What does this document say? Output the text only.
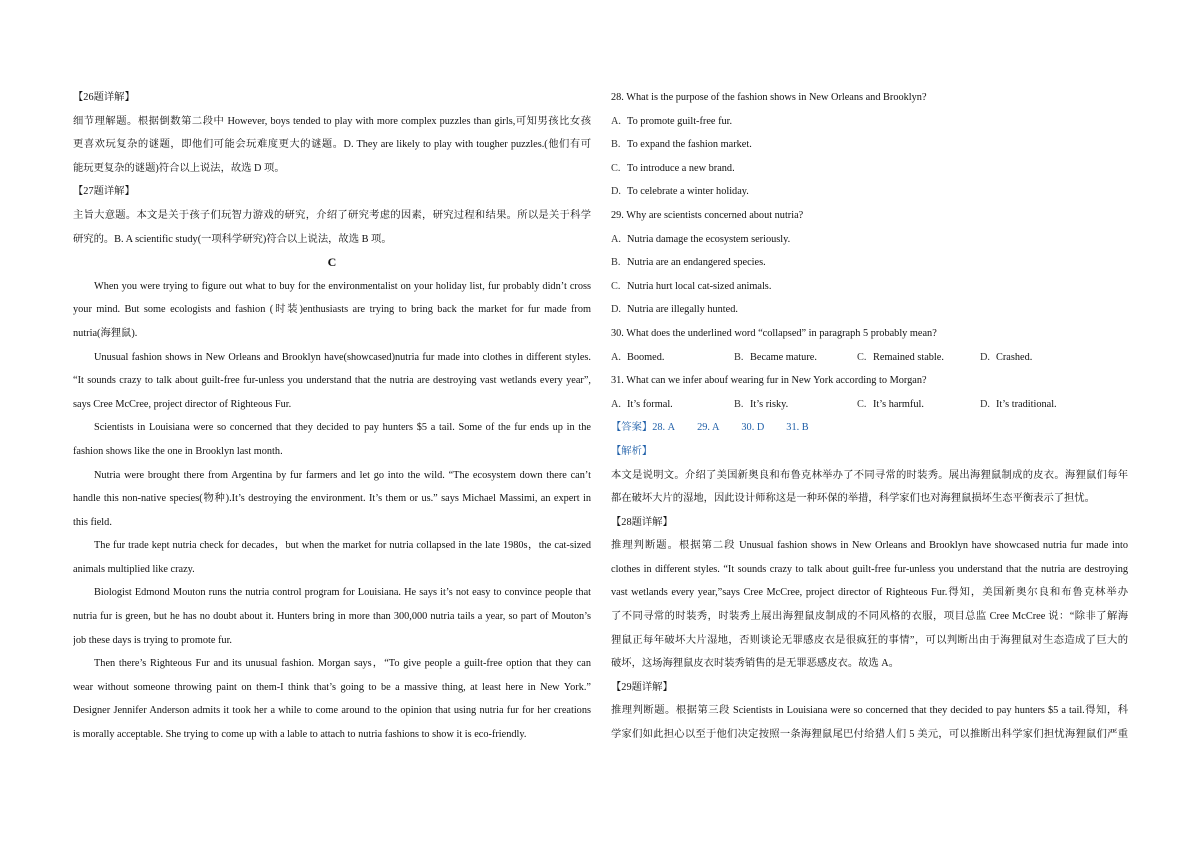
【26题详解】
细节理解题。根据倒数第二段中 However, boys tended to play with more complex puzzles than girls,可知男孩比女孩
更喜欢玩复杂的谜题，即他们可能会玩难度更大的谜题。D. They are likely to play with tougher puzzles.(他们有可
能玩更复杂的谜题)符合以上说法，故选 D 项。
【27题详解】
主旨大意题。本文是关于孩子们玩智力游戏的研究，介绍了研究考虑的因素，研究过程和结果。所以是关于科学
研究的。B. A scientific study(一项科学研究)符合以上说法，故选 B 项。
C
When you were trying to figure out what to buy for the environmentalist on your holiday list, fur probably didn’t cross
your mind. But some ecologists and fashion (时装)enthusiasts are trying to bring back the market for fur made from
nutria(海狸鼠).
Unusual fashion shows in New Orleans and Brooklyn have(showcased)nutria fur made into clothes in different styles.
“It sounds crazy to talk about guilt-free fur-unless you understand that the nutria are destroying vast wetlands every year”,
says Cree McCree, project director of Righteous Fur.
Scientists in Louisiana were so concerned that they decided to pay hunters $5 a tail. Some of the fur ends up in the
fashion shows like the one in Brooklyn last month.
Nutria were brought there from Argentina by fur farmers and let go into the wild. “The ecosystem down there can’t
handle this non-native species(物种).It’s destroying the environment. It’s them or us.” says Michael Massimi, an expert in
this field.
The fur trade kept nutria check for decades，but when the market for nutria collapsed in the late 1980s，the cat-sized
animals multiplied like crazy.
Biologist Edmond Mouton runs the nutria control program for Louisiana. He says it’s not easy to convince people that
nutria fur is green, but he has no doubt about it. Hunters bring in more than 300,000 nutria tails a year, so part of Mouton’s
job these days is trying to promote fur.
Then there’s Righteous Fur and its unusual fashion. Morgan says，“To give people a guilt-free option that they can
wear without someone throwing paint on them-I think that’s going to be a massive thing, at least here in New York.”
Designer Jennifer Anderson admits it took her a while to come around to the opinion that using nutria fur for her creations
is morally acceptable. She trying to come up with a lable to attach to nutria fashions to show it is eco-friendly.
28. What is the purpose of the fashion shows in New Orleans and Brooklyn?
A. To promote guilt-free fur.
B. To expand the fashion market.
C. To introduce a new brand.
D. To celebrate a winter holiday.
29. Why are scientists concerned about nutria?
A. Nutria damage the ecosystem seriously.
B. Nutria are an endangered species.
C. Nutria hurt local cat-sized animals.
D. Nutria are illegally hunted.
30. What does the underlined word “collapsed” in paragraph 5 probably mean?
A. Boomed.	B. Became mature.	C. Remained stable.	D. Crashed.
31. What can we infer abouf wearing fur in New York according to Morgan?
A. It’s formal.	B. It’s risky.	C. It’s harmful.	D. It’s traditional.
【答案】28. A 29. A 30. D 31. B
【解析】
本文是说明文。介绍了美国新奥良和布鲁克林举办了不同寻常的时装秀。展出海狸鼠制成的皮衣。海狸鼠们每年
都在破坏大片的湿地，因此设计师称这是一种环保的举措，科学家们也对海狸鼠损坏生态平衡表示了担忧。
【28题详解】
推理判断题。根据第二段 Unusual fashion shows in New Orleans and Brooklyn have showcased nutria fur made into
clothes in different styles. “It sounds crazy to talk about guilt-free fur-unless you understand that the nutria are destroying
vast wetlands every year,”says Cree McCree, project director of Righteous Fur.得知，美国新奥尔良和布鲁克林举办
了不同寻常的时装秀，时装秀上展出海狸鼠皮制成的不同风格的衣服，项目总监 Cree McCree 说：“除非了解海
狸鼠正每年破坏大片湿地，否则谈论无罪感皮衣是很疯狂的事情”，可以判断出由于海狸鼠对生态造成了巨大的
破坏，这场海狸鼠皮衣时装秀销售的是无罪恶感皮衣。故选 A。
【29题详解】
推理判断题。根据第三段 Scientists in Louisiana were so concerned that they decided to pay hunters $5 a tail.得知，科
学家们如此担心以至于他们决定按照一条海狸鼠尾巴付给猎人们 5 美元，可以推断出科学家们担忧海狸鼠们严重
